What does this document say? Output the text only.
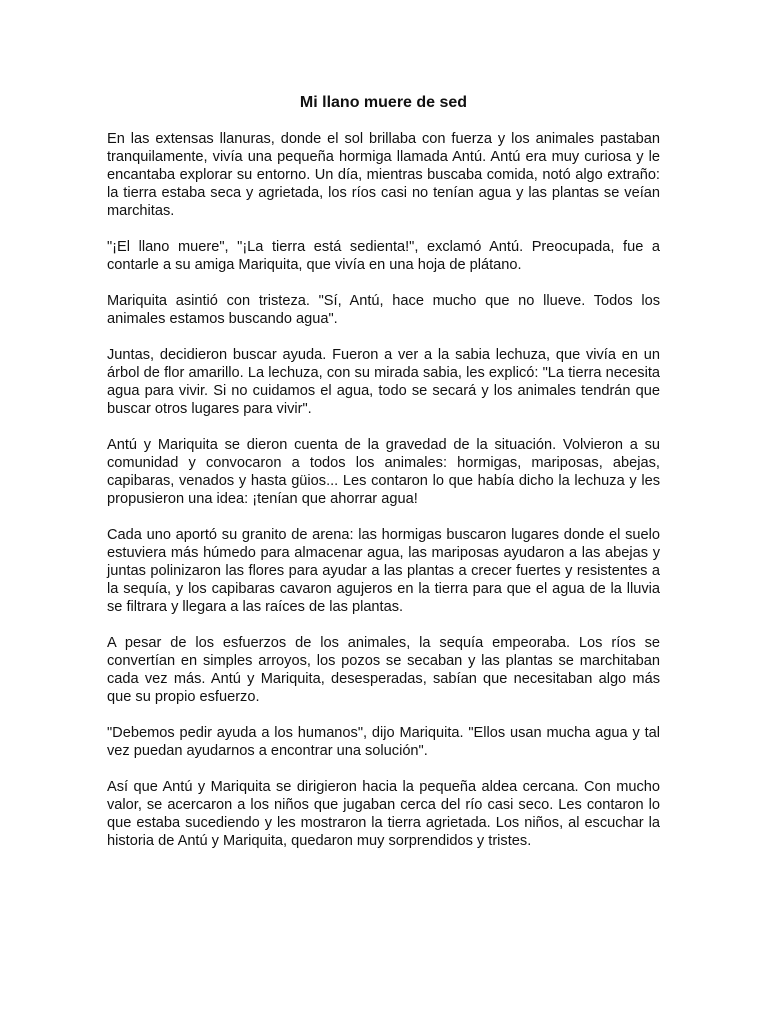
Mi llano muere de sed

En las extensas llanuras, donde el sol brillaba con fuerza y los animales pastaban tranquilamente, vivía una pequeña hormiga llamada Antú. Antú era muy curiosa y le encantaba explorar su entorno. Un día, mientras buscaba comida, notó algo extraño: la tierra estaba seca y agrietada, los ríos casi no tenían agua y las plantas se veían marchitas.

"¡El llano muere", "¡La tierra está sedienta!", exclamó Antú. Preocupada, fue a contarle a su amiga Mariquita, que vivía en una hoja de plátano.

Mariquita asintió con tristeza. "Sí, Antú, hace mucho que no llueve. Todos los animales estamos buscando agua".

Juntas, decidieron buscar ayuda. Fueron a ver a la sabia lechuza, que vivía en un árbol de flor amarillo. La lechuza, con su mirada sabia, les explicó: "La tierra necesita agua para vivir. Si no cuidamos el agua, todo se secará y los animales tendrán que buscar otros lugares para vivir".

Antú y Mariquita se dieron cuenta de la gravedad de la situación. Volvieron a su comunidad y convocaron a todos los animales: hormigas, mariposas, abejas, capibaras, venados y hasta güios... Les contaron lo que había dicho la lechuza y les propusieron una idea: ¡tenían que ahorrar agua!

Cada uno aportó su granito de arena: las hormigas buscaron lugares donde el suelo estuviera más húmedo para almacenar agua, las mariposas ayudaron a las abejas y juntas polinizaron las flores para ayudar a las plantas a crecer fuertes y resistentes a la sequía, y los capibaras cavaron agujeros en la tierra para que el agua de la lluvia se filtrara y llegara a las raíces de las plantas.

A pesar de los esfuerzos de los animales, la sequía empeoraba. Los ríos se convertían en simples arroyos, los pozos se secaban y las plantas se marchitaban cada vez más. Antú y Mariquita, desesperadas, sabían que necesitaban algo más que su propio esfuerzo.

"Debemos pedir ayuda a los humanos", dijo Mariquita. "Ellos usan mucha agua y tal vez puedan ayudarnos a encontrar una solución".

Así que Antú y Mariquita se dirigieron hacia la pequeña aldea cercana. Con mucho valor, se acercaron a los niños que jugaban cerca del río casi seco. Les contaron lo que estaba sucediendo y les mostraron la tierra agrietada. Los niños, al escuchar la historia de Antú y Mariquita, quedaron muy sorprendidos y tristes.
